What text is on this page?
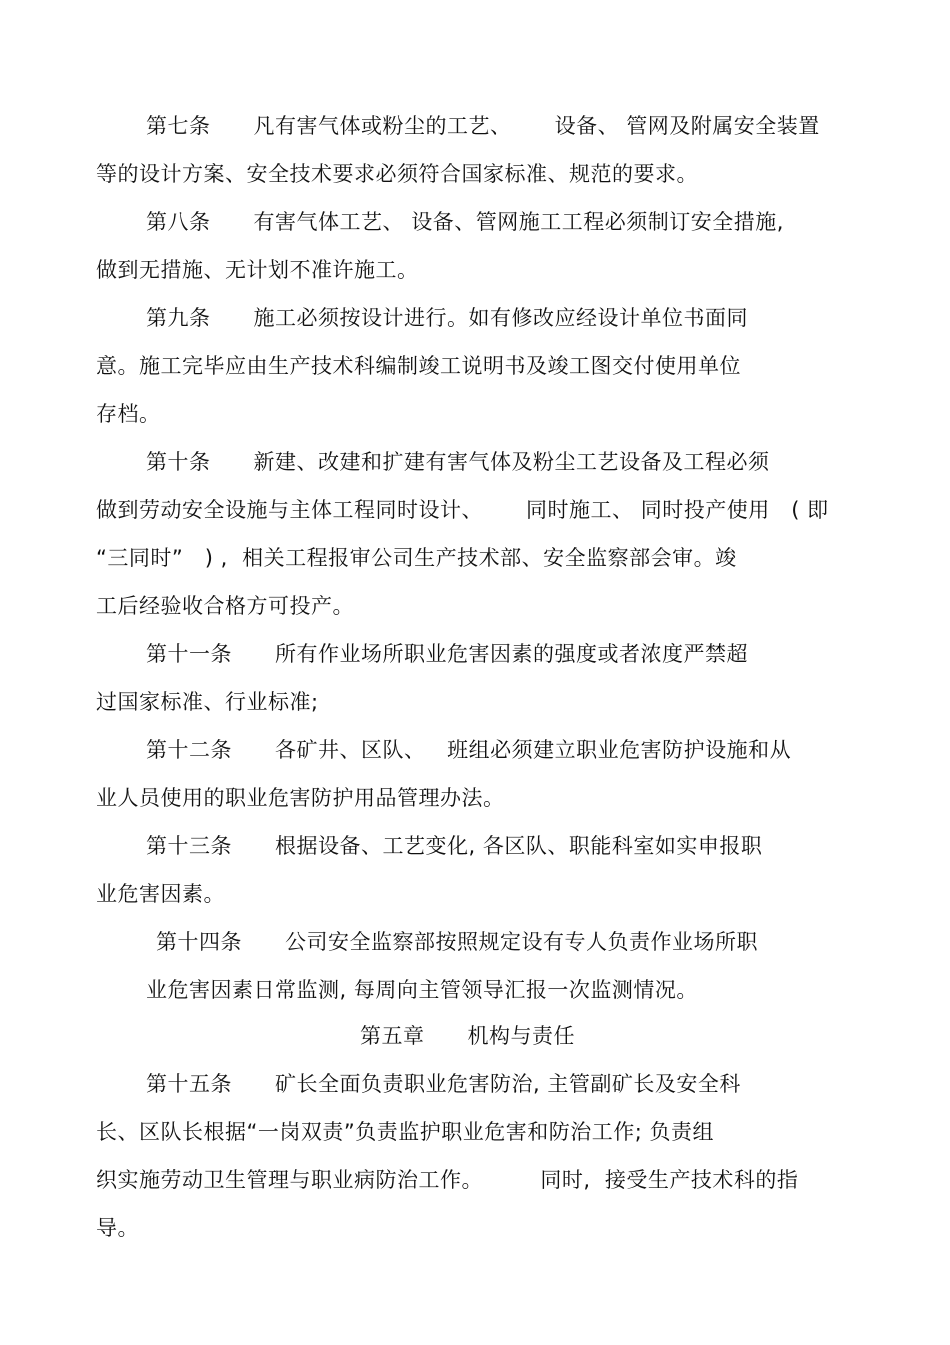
第七条      凡有害气体或粉尘的工艺、      设备、 管网及附属安全装置
等的设计方案、安全技术要求必须符合国家标准、规范的要求。
第八条      有害气体工艺、 设备、管网施工工程必须制订安全措施,
做到无措施、无计划不准许施工。
第九条      施工必须按设计进行。如有修改应经设计单位书面同
意。施工完毕应由生产技术科编制竣工说明书及竣工图交付使用单位
存档。
第十条      新建、改建和扩建有害气体及粉尘工艺设备及工程必须
做到劳动安全设施与主体工程同时设计、      同时施工、 同时投产使用   ( 即
“三同时”   ) ,  相关工程报审公司生产技术部、安全监察部会审。竣
工后经验收合格方可投产。
第十一条      所有作业场所职业危害因素的强度或者浓度严禁超
过国家标准、行业标准;
第十二条      各矿井、区队、   班组必须建立职业危害防护设施和从
业人员使用的职业危害防护用品管理办法。
第十三条      根据设备、工艺变化, 各区队、职能科室如实申报职
业危害因素。
第十四条      公司安全监察部按照规定设有专人负责作业场所职
业危害因素日常监测, 每周向主管领导汇报一次监测情况。
第五章      机构与责任
第十五条      矿长全面负责职业危害防治, 主管副矿长及安全科
长、区队长根据“一岗双责”负责监护职业危害和防治工作; 负责组
织实施劳动卫生管理与职业病防治工作。        同时,  接受生产技术科的指
导。
